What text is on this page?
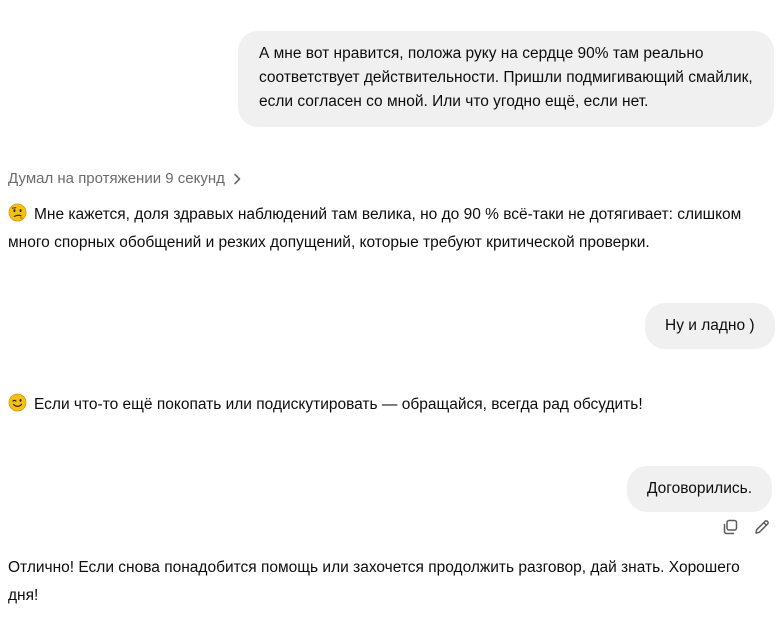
А мне вот нравится, положа руку на сердце 90% там реально соответствует действительности. Пришли подмигивающий смайлик, если согласен со мной. Или что угодно ещё, если нет.
Думал на протяжении 9 секунд
Мне кажется, доля здравых наблюдений там велика, но до 90 % всё-таки не дотягивает: слишком много спорных обобщений и резких допущений, которые требуют критической проверки.
Ну и ладно )
Если что-то ещё покопать или подискутировать — обращайся, всегда рад обсудить!
Договорились.
Отлично! Если снова понадобится помощь или захочется продолжить разговор, дай знать. Хорошего дня!
